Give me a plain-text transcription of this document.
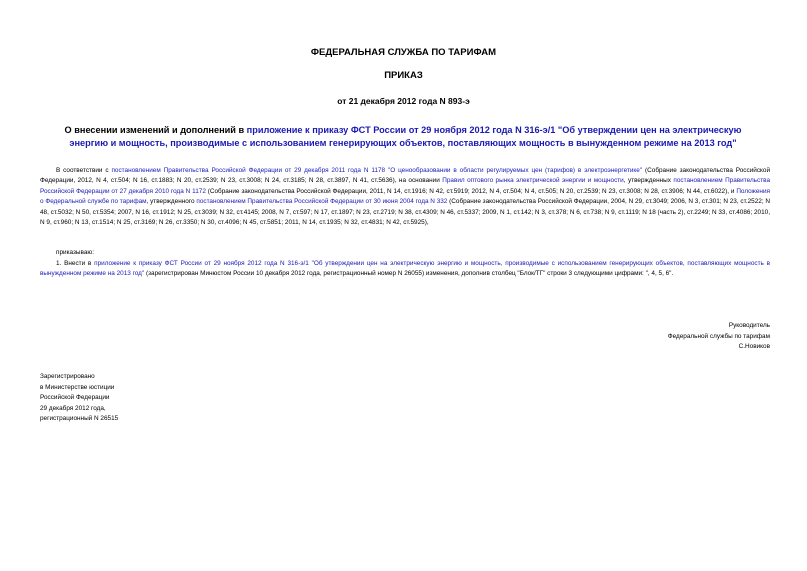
ФЕДЕРАЛЬНАЯ СЛУЖБА ПО ТАРИФАМ
ПРИКАЗ
от 21 декабря 2012 года N 893-э
О внесении изменений и дополнений в приложение к приказу ФСТ России от 29 ноября 2012 года N 316-э/1 "Об утверждении цен на электрическую энергию и мощность, производимые с использованием генерирующих объектов, поставляющих мощность в вынужденном режиме на 2013 год"
В соответствии с постановлением Правительства Российской Федерации от 29 декабря 2011 года N 1178 "О ценообразовании в области регулируемых цен (тарифов) в электроэнергетике" (Собрание законодательства Российской Федерации, 2012, N 4, ст.504; N 16, ст.1883; N 20, ст.2539; N 23, ст.3008; N 24, ст.3185; N 28, ст.3897, N 41, ст.5636), на основании Правил оптового рынка электрической энергии и мощности, утвержденных постановлением Правительства Российской Федерации от 27 декабря 2010 года N 1172 (Собрание законодательства Российской Федерации, 2011, N 14, ст.1916; N 42, ст.5919; 2012, N 4, ст.504; N 4, ст.505; N 20, ст.2539; N 23, ст.3008; N 28, ст.3906; N 44, ст.6022), и Положения о Федеральной службе по тарифам, утвержденного постановлением Правительства Российской Федерации от 30 июня 2004 года N 332 (Собрание законодательства Российской Федерации, 2004, N 29, ст.3049; 2006, N 3, ст.301; N 23, ст.2522; N 48, ст.5032; N 50, ст.5354; 2007, N 16, ст.1912; N 25, ст.3039; N 32, ст.4145; 2008, N 7, ст.597; N 17, ст.1897; N 23, ст.2719; N 38, ст.4309; N 46, ст.5337; 2009, N 1, ст.142; N 3, ст.378; N 6, ст.738; N 9, ст.1119; N 18 (часть 2), ст.2249; N 33, ст.4086; 2010, N 9, ст.960; N 13, ст.1514; N 25, ст.3169; N 26, ст.3350; N 30, ст.4096; N 45, ст.5851; 2011, N 14, ст.1935; N 32, ст.4831; N 42, ст.5925),
приказываю:
1. Внести в приложение к приказу ФСТ России от 29 ноября 2012 года N 316-э/1 "Об утверждении цен на электрическую энергию и мощность, производимые с использованием генерирующих объектов, поставляющих мощность в вынужденном режиме на 2013 год" (зарегистрирован Минюстом России 10 декабря 2012 года, регистрационный номер N 26055) изменения, дополнив столбец "Блок/ТГ" строки 3 следующими цифрами: ", 4, 5, 6".
Руководитель
Федеральной службы по тарифам
С.Новиков
Зарегистрировано
в Министерстве юстиции
Российской Федерации
29 декабря 2012 года,
регистрационный N 26515
